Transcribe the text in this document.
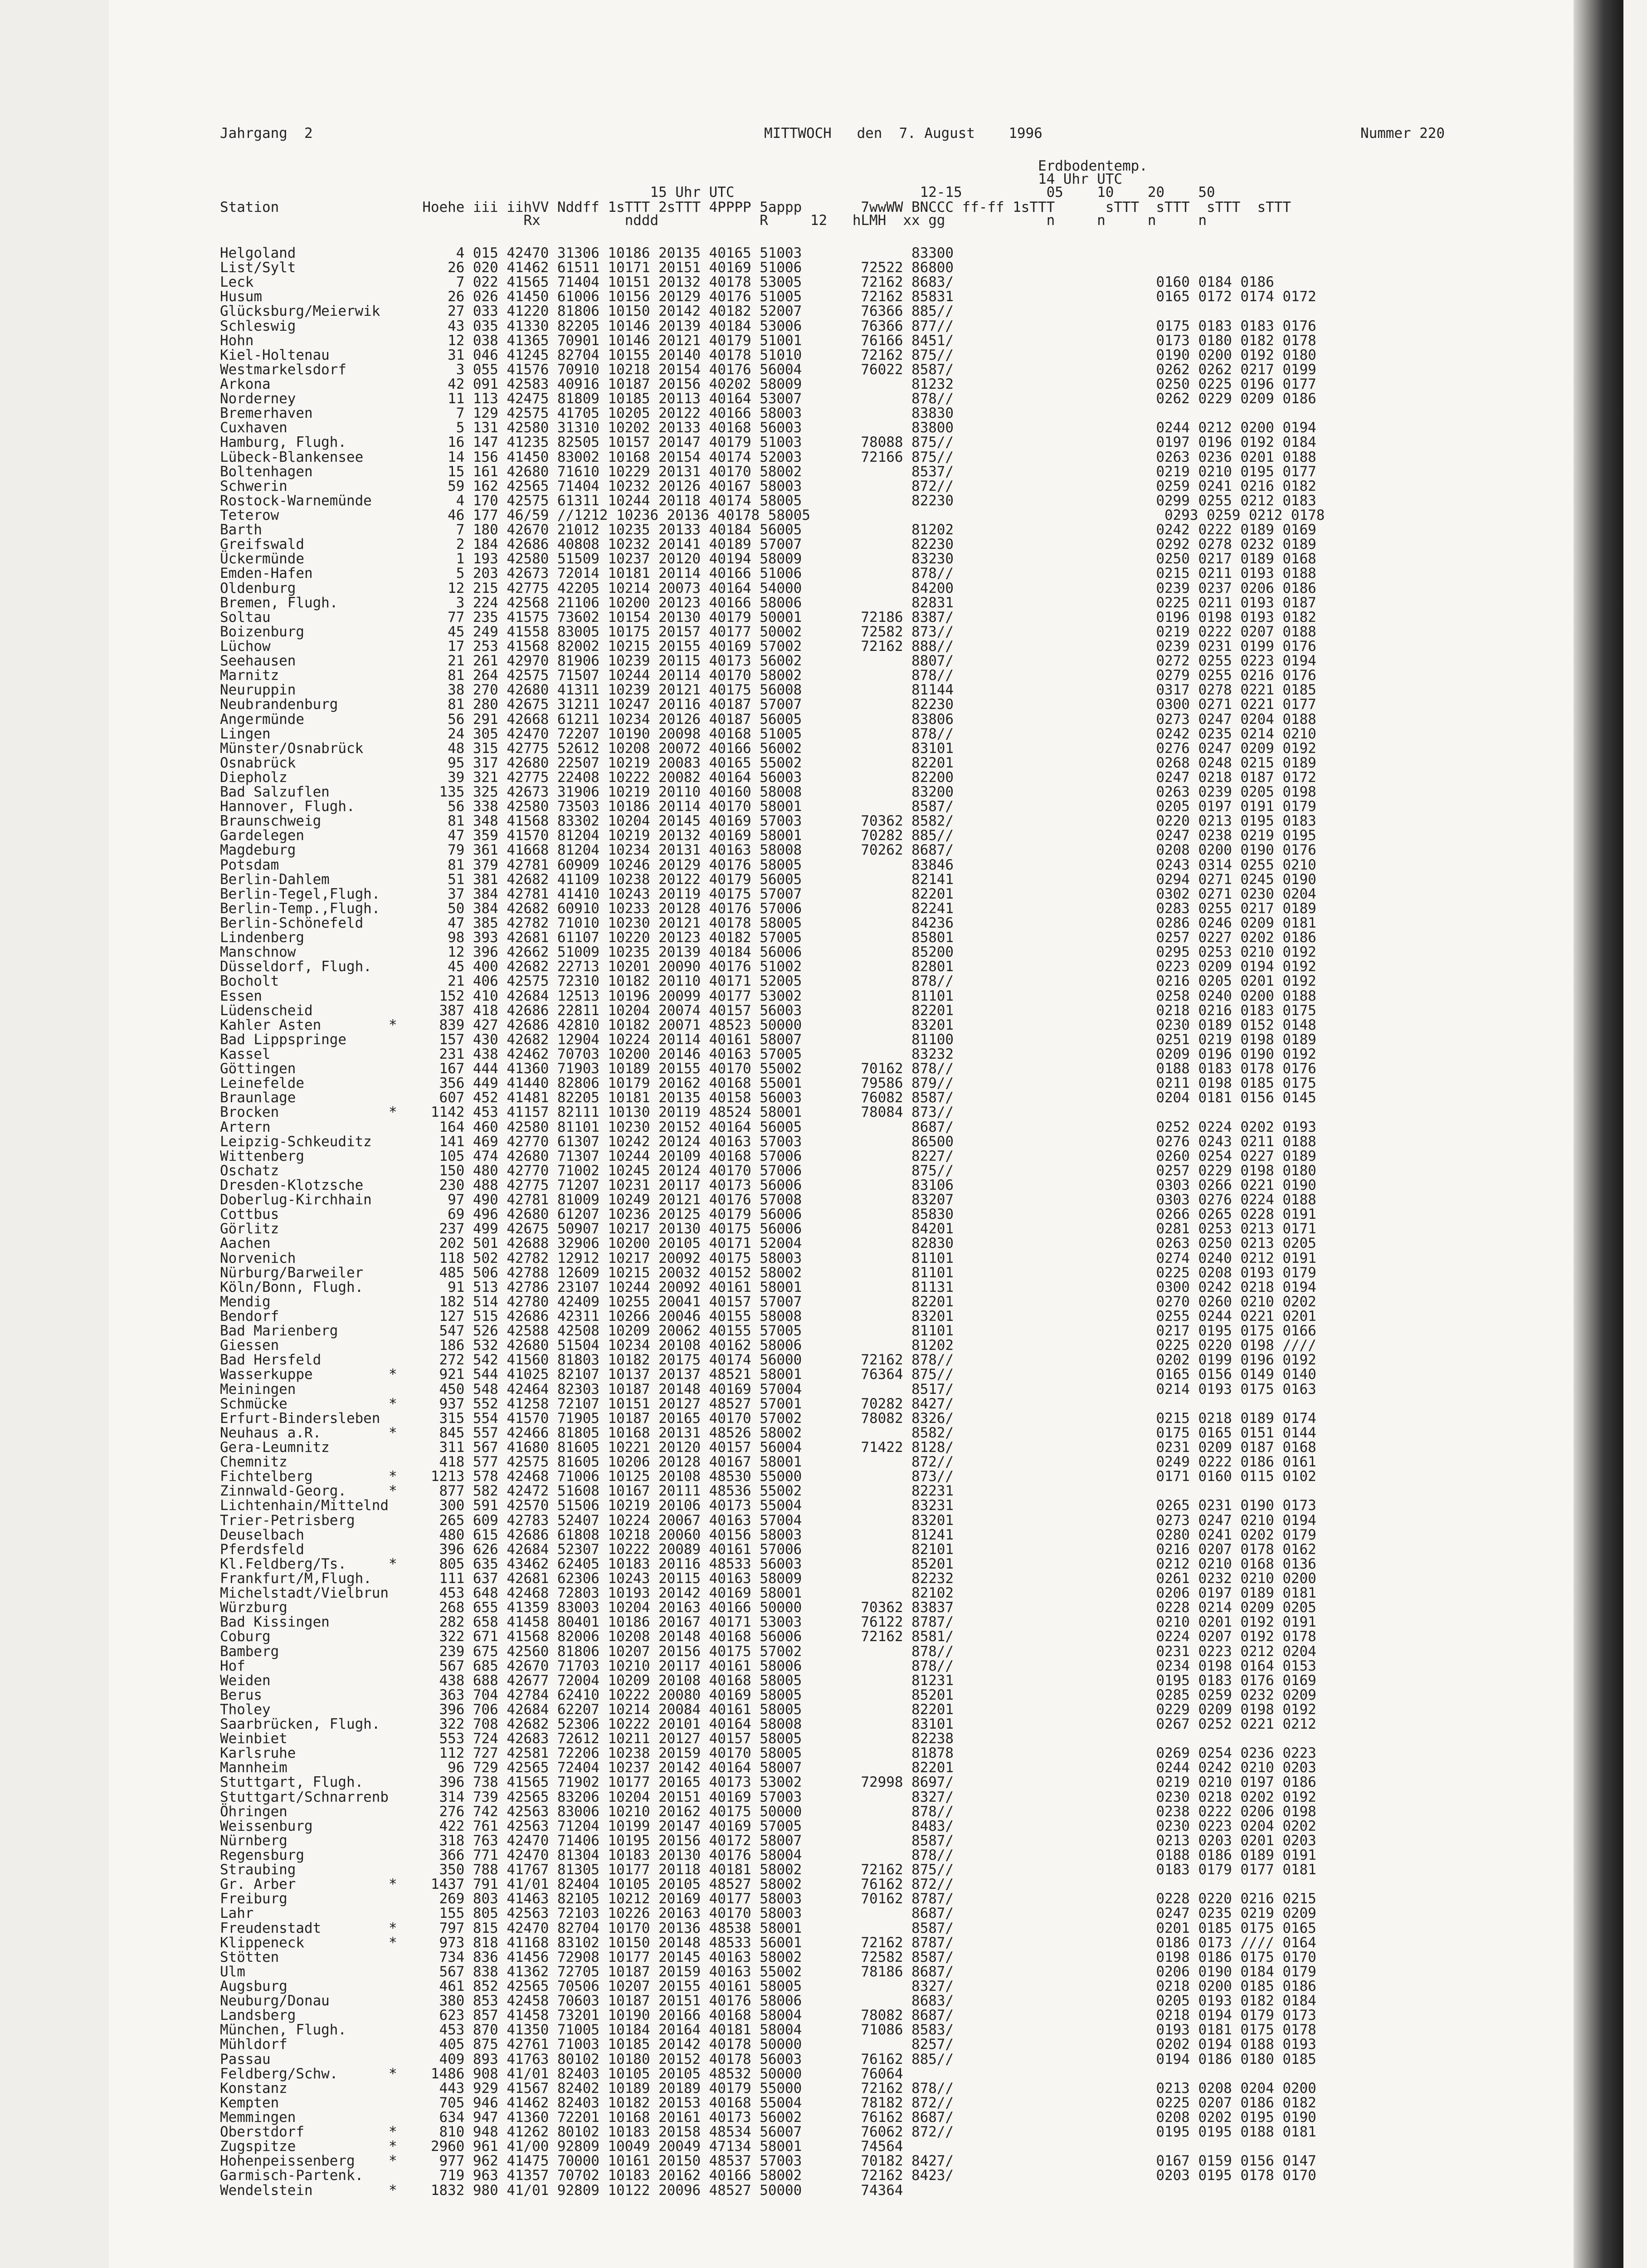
Jahrgang  2

	MITTWOCH   den  7. August    1996

	Nummer 220

Erdbodentemp.

14 Uhr UTC

15 Uhr UTC                      12-15          05    10    20    50

Station                 Hoehe iii iihVV Nddff 1sTTT 2sTTT 4PPPP 5appp       7wwWW BNCCC ff-ff 1sTTT      sTTT  sTTT  sTTT  sTTT

Rx          nddd            R     12   hLMH  xx gg            n     n     n     n

Helgoland                   4 015 42470 31306 10186 20135 40165 51003             83300
List/Sylt                  26 020 41462 61511 10171 20151 40169 51006       72522 86800
Leck                        7 022 41565 71404 10151 20132 40178 53005       72162 8683/                        0160 0184 0186
Husum                      26 026 41450 61006 10156 20129 40176 51005       72162 85831                        0165 0172 0174 0172
Glücksburg/Meierwik        27 033 41220 81806 10150 20142 40182 52007       76366 885//
Schleswig                  43 035 41330 82205 10146 20139 40184 53006       76366 877//                        0175 0183 0183 0176
Hohn                       12 038 41365 70901 10146 20121 40179 51001       76166 8451/                        0173 0180 0182 0178
Kiel-Holtenau              31 046 41245 82704 10155 20140 40178 51010       72162 875//                        0190 0200 0192 0180
Westmarkelsdorf             3 055 41576 70910 10218 20154 40176 56004       76022 8587/                        0262 0262 0217 0199
Arkona                     42 091 42583 40916 10187 20156 40202 58009             81232                        0250 0225 0196 0177
Norderney                  11 113 42475 81809 10185 20113 40164 53007             878//                        0262 0229 0209 0186
Bremerhaven                 7 129 42575 41705 10205 20122 40166 58003             83830
Cuxhaven                    5 131 42580 31310 10202 20133 40168 56003             83800                        0244 0212 0200 0194
Hamburg, Flugh.            16 147 41235 82505 10157 20147 40179 51003       78088 875//                        0197 0196 0192 0184
Lübeck-Blankensee          14 156 41450 83002 10168 20154 40174 52003       72166 875//                        0263 0236 0201 0188
Boltenhagen                15 161 42680 71610 10229 20131 40170 58002             8537/                        0219 0210 0195 0177
Schwerin                   59 162 42565 71404 10232 20126 40167 58003             872//                        0259 0241 0216 0182
Rostock-Warnemünde          4 170 42575 61311 10244 20118 40174 58005             82230                        0299 0255 0212 0183
Teterow                    46 177 46/59 //1212 10236 20136 40178 58005                                          0293 0259 0212 0178
Barth                       7 180 42670 21012 10235 20133 40184 56005             81202                        0242 0222 0189 0169
Greifswald                  2 184 42686 40808 10232 20141 40189 57007             82230                        0292 0278 0232 0189
Ückermünde                  1 193 42580 51509 10237 20120 40194 58009             83230                        0250 0217 0189 0168
Emden-Hafen                 5 203 42673 72014 10181 20114 40166 51006             878//                        0215 0211 0193 0188
Oldenburg                  12 215 42775 42205 10214 20073 40164 54000             84200                        0239 0237 0206 0186
Bremen, Flugh.              3 224 42568 21106 10200 20123 40166 58006             82831                        0225 0211 0193 0187
Soltau                     77 235 41575 73602 10154 20130 40179 50001       72186 8387/                        0196 0198 0193 0182
Boizenburg                 45 249 41558 83005 10175 20157 40177 50002       72582 873//                        0219 0222 0207 0188
Lüchow                     17 253 41568 82002 10215 20155 40169 57002       72162 888//                        0239 0231 0199 0176
Seehausen                  21 261 42970 81906 10239 20115 40173 56002             8807/                        0272 0255 0223 0194
Marnitz                    81 264 42575 71507 10244 20114 40170 58002             878//                        0279 0255 0216 0176
Neuruppin                  38 270 42680 41311 10239 20121 40175 56008             81144                        0317 0278 0221 0185
Neubrandenburg             81 280 42675 31211 10247 20116 40187 57007             82230                        0300 0271 0221 0177
Angermünde                 56 291 42668 61211 10234 20126 40187 56005             83806                        0273 0247 0204 0188
Lingen                     24 305 42470 72207 10190 20098 40168 51005             878//                        0242 0235 0214 0210
Münster/Osnabrück          48 315 42775 52612 10208 20072 40166 56002             83101                        0276 0247 0209 0192
Osnabrück                  95 317 42680 22507 10219 20083 40165 55002             82201                        0268 0248 0215 0189
Diepholz                   39 321 42775 22408 10222 20082 40164 56003             82200                        0247 0218 0187 0172
Bad Salzuflen             135 325 42673 31906 10219 20110 40160 58008             83200                        0263 0239 0205 0198
Hannover, Flugh.           56 338 42580 73503 10186 20114 40170 58001             8587/                        0205 0197 0191 0179
Braunschweig               81 348 41568 83302 10204 20145 40169 57003       70362 8582/                        0220 0213 0195 0183
Gardelegen                 47 359 41570 81204 10219 20132 40169 58001       70282 885//                        0247 0238 0219 0195
Magdeburg                  79 361 41668 81204 10234 20131 40163 58008       70262 8687/                        0208 0200 0190 0176
Potsdam                    81 379 42781 60909 10246 20129 40176 58005             83846                        0243 0314 0255 0210
Berlin-Dahlem              51 381 42682 41109 10238 20122 40179 56005             82141                        0294 0271 0245 0190
Berlin-Tegel,Flugh.        37 384 42781 41410 10243 20119 40175 57007             82201                        0302 0271 0230 0204
Berlin-Temp.,Flugh.        50 384 42682 60910 10233 20128 40176 57006             82241                        0283 0255 0217 0189
Berlin-Schönefeld          47 385 42782 71010 10230 20121 40178 58005             84236                        0286 0246 0209 0181
Lindenberg                 98 393 42681 61107 10220 20123 40182 57005             85801                        0257 0227 0202 0186
Manschnow                  12 396 42662 51009 10235 20139 40184 56006             85200                        0295 0253 0210 0192
Düsseldorf, Flugh.         45 400 42682 22713 10201 20090 40176 51002             82801                        0223 0209 0194 0192
Bocholt                    21 406 42575 72310 10182 20110 40171 52005             878//                        0216 0205 0201 0192
Essen                     152 410 42684 12513 10196 20099 40177 53002             81101                        0258 0240 0200 0188
Lüdenscheid               387 418 42686 22811 10204 20074 40157 56003             82201                        0218 0216 0183 0175
Kahler Asten        *     839 427 42686 42810 10182 20071 48523 50000             83201                        0230 0189 0152 0148
Bad Lippspringe           157 430 42682 12904 10224 20114 40161 58007             81100                        0251 0219 0198 0189
Kassel                    231 438 42462 70703 10200 20146 40163 57005             83232                        0209 0196 0190 0192
Göttingen                 167 444 41360 71903 10189 20155 40170 55002       70162 878//                        0188 0183 0178 0176
Leinefelde                356 449 41440 82806 10179 20162 40168 55001       79586 879//                        0211 0198 0185 0175
Braunlage                 607 452 41481 82205 10181 20135 40158 56003       76082 8587/                        0204 0181 0156 0145
Brocken             *    1142 453 41157 82111 10130 20119 48524 58001       78084 873//
Artern                    164 460 42580 81101 10230 20152 40164 56005             8687/                        0252 0224 0202 0193
Leipzig-Schkeuditz        141 469 42770 61307 10242 20124 40163 57003             86500                        0276 0243 0211 0188
Wittenberg                105 474 42680 71307 10244 20109 40168 57006             8227/                        0260 0254 0227 0189
Oschatz                   150 480 42770 71002 10245 20124 40170 57006             875//                        0257 0229 0198 0180
Dresden-Klotzsche         230 488 42775 71207 10231 20117 40173 56006             83106                        0303 0266 0221 0190
Doberlug-Kirchhain         97 490 42781 81009 10249 20121 40176 57008             83207                        0303 0276 0224 0188
Cottbus                    69 496 42680 61207 10236 20125 40179 56006             85830                        0266 0265 0228 0191
Görlitz                   237 499 42675 50907 10217 20130 40175 56006             84201                        0281 0253 0213 0171
Aachen                    202 501 42688 32906 10200 20105 40171 52004             82830                        0263 0250 0213 0205
Norvenich                 118 502 42782 12912 10217 20092 40175 58003             81101                        0274 0240 0212 0191
Nürburg/Barweiler         485 506 42788 12609 10215 20032 40152 58002             81101                        0225 0208 0193 0179
Köln/Bonn, Flugh.          91 513 42786 23107 10244 20092 40161 58001             81131                        0300 0242 0218 0194
Mendig                    182 514 42780 42409 10255 20041 40157 57007             82201                        0270 0260 0210 0202
Bendorf                   127 515 42686 42311 10266 20046 40155 58008             83201                        0255 0244 0221 0201
Bad Marienberg            547 526 42588 42508 10209 20062 40155 57005             81101                        0217 0195 0175 0166
Giessen                   186 532 42680 51504 10234 20108 40162 58006             81202                        0225 0220 0198 ////
Bad Hersfeld              272 542 41560 81803 10182 20175 40174 56000       72162 878//                        0202 0199 0196 0192
Wasserkuppe         *     921 544 41025 82107 10137 20137 48521 58001       76364 875//                        0165 0156 0149 0140
Meiningen                 450 548 42464 82303 10187 20148 40169 57004             8517/                        0214 0193 0175 0163
Schmücke            *     937 552 41258 72107 10151 20127 48527 57001       70282 8427/
Erfurt-Bindersleben       315 554 41570 71905 10187 20165 40170 57002       78082 8326/                        0215 0218 0189 0174
Neuhaus a.R.        *     845 557 42466 81805 10168 20131 48526 58002             8582/                        0175 0165 0151 0144
Gera-Leumnitz             311 567 41680 81605 10221 20120 40157 56004       71422 8128/                        0231 0209 0187 0168
Chemnitz                  418 577 42575 81605 10206 20128 40167 58001             872//                        0249 0222 0186 0161
Fichtelberg         *    1213 578 42468 71006 10125 20108 48530 55000             873//                        0171 0160 0115 0102
Zinnwald-Georg.     *     877 582 42472 51608 10167 20111 48536 55002             82231
Lichtenhain/Mittelnd      300 591 42570 51506 10219 20106 40173 55004             83231                        0265 0231 0190 0173
Trier-Petrisberg          265 609 42783 52407 10224 20067 40163 57004             83201                        0273 0247 0210 0194
Deuselbach                480 615 42686 61808 10218 20060 40156 58003             81241                        0280 0241 0202 0179
Pferdsfeld                396 626 42684 52307 10222 20089 40161 57006             82101                        0216 0207 0178 0162
Kl.Feldberg/Ts.     *     805 635 43462 62405 10183 20116 48533 56003             85201                        0212 0210 0168 0136
Frankfurt/M,Flugh.        111 637 42681 62306 10243 20115 40163 58009             82232                        0261 0232 0210 0200
Michelstadt/Vielbrun      453 648 42468 72803 10193 20142 40169 58001             82102                        0206 0197 0189 0181
Würzburg                  268 655 41359 83003 10204 20163 40166 50000       70362 83837                        0228 0214 0209 0205
Bad Kissingen             282 658 41458 80401 10186 20167 40171 53003       76122 8787/                        0210 0201 0192 0191
Coburg                    322 671 41568 82006 10208 20148 40168 56006       72162 8581/                        0224 0207 0192 0178
Bamberg                   239 675 42560 81806 10207 20156 40175 57002             878//                        0231 0223 0212 0204
Hof                       567 685 42670 71703 10210 20117 40161 58006             878//                        0234 0198 0164 0153
Weiden                    438 688 42677 72004 10209 20108 40168 58005             81231                        0195 0183 0176 0169
Berus                     363 704 42784 62410 10222 20080 40169 58005             85201                        0285 0259 0232 0209
Tholey                    396 706 42684 62207 10214 20084 40161 58005             82201                        0229 0209 0198 0192
Saarbrücken, Flugh.       322 708 42682 52306 10222 20101 40164 58008             83101                        0267 0252 0221 0212
Weinbiet                  553 724 42683 72612 10211 20127 40157 58005             82238
Karlsruhe                 112 727 42581 72206 10238 20159 40170 58005             81878                        0269 0254 0236 0223
Mannheim                   96 729 42565 72404 10237 20142 40164 58007             82201                        0244 0242 0210 0203
Stuttgart, Flugh.         396 738 41565 71902 10177 20165 40173 53002       72998 8697/                        0219 0210 0197 0186
Stuttgart/Schnarrenb      314 739 42565 83206 10204 20151 40169 57003             8327/                        0230 0218 0202 0192
Öhringen                  276 742 42563 83006 10210 20162 40175 50000             878//                        0238 0222 0206 0198
Weissenburg               422 761 42563 71204 10199 20147 40169 57005             8483/                        0230 0223 0204 0202
Nürnberg                  318 763 42470 71406 10195 20156 40172 58007             8587/                        0213 0203 0201 0203
Regensburg                366 771 42470 81304 10183 20130 40176 58004             878//                        0188 0186 0189 0191
Straubing                 350 788 41767 81305 10177 20118 40181 58002       72162 875//                        0183 0179 0177 0181
Gr. Arber           *    1437 791 41/01 82404 10105 20105 48527 58002       76162 872//
Freiburg                  269 803 41463 82105 10212 20169 40177 58003       70162 8787/                        0228 0220 0216 0215
Lahr                      155 805 42563 72103 10226 20163 40170 58003             8687/                        0247 0235 0219 0209
Freudenstadt        *     797 815 42470 82704 10170 20136 48538 58001             8587/                        0201 0185 0175 0165
Klippeneck          *     973 818 41168 83102 10150 20148 48533 56001       72162 8787/                        0186 0173 //// 0164
Stötten                   734 836 41456 72908 10177 20145 40163 58002       72582 8587/                        0198 0186 0175 0170
Ulm                       567 838 41362 72705 10187 20159 40163 55002       78186 8687/                        0206 0190 0184 0179
Augsburg                  461 852 42565 70506 10207 20155 40161 58005             8327/                        0218 0200 0185 0186
Neuburg/Donau             380 853 42458 70603 10187 20151 40176 58006             8683/                        0205 0193 0182 0184
Landsberg                 623 857 41458 73201 10190 20166 40168 58004       78082 8687/                        0218 0194 0179 0173
München, Flugh.           453 870 41350 71005 10184 20164 40181 58004       71086 8583/                        0193 0181 0175 0178
Mühldorf                  405 875 42761 71003 10185 20142 40178 50000             8257/                        0202 0194 0188 0193
Passau                    409 893 41763 80102 10180 20152 40178 56003       76162 885//                        0194 0186 0180 0185
Feldberg/Schw.      *    1486 908 41/01 82403 10105 20105 48532 50000       76064
Konstanz                  443 929 41567 82402 10189 20189 40179 55000       72162 878//                        0213 0208 0204 0200
Kempten                   705 946 41462 82403 10182 20153 40168 55004       78182 872//                        0225 0207 0186 0182
Memmingen                 634 947 41360 72201 10168 20161 40173 56002       76162 8687/                        0208 0202 0195 0190
Oberstdorf          *     810 948 41262 80102 10183 20158 48534 56007       76062 872//                        0195 0195 0188 0181
Zugspitze           *    2960 961 41/00 92809 10049 20049 47134 58001       74564
Hohenpeissenberg    *     977 962 41475 70000 10161 20150 48537 57003       70182 8427/                        0167 0159 0156 0147
Garmisch-Partenk.         719 963 41357 70702 10183 20162 40166 58002       72162 8423/                        0203 0195 0178 0170
Wendelstein         *    1832 980 41/01 92809 10122 20096 48527 50000       74364
